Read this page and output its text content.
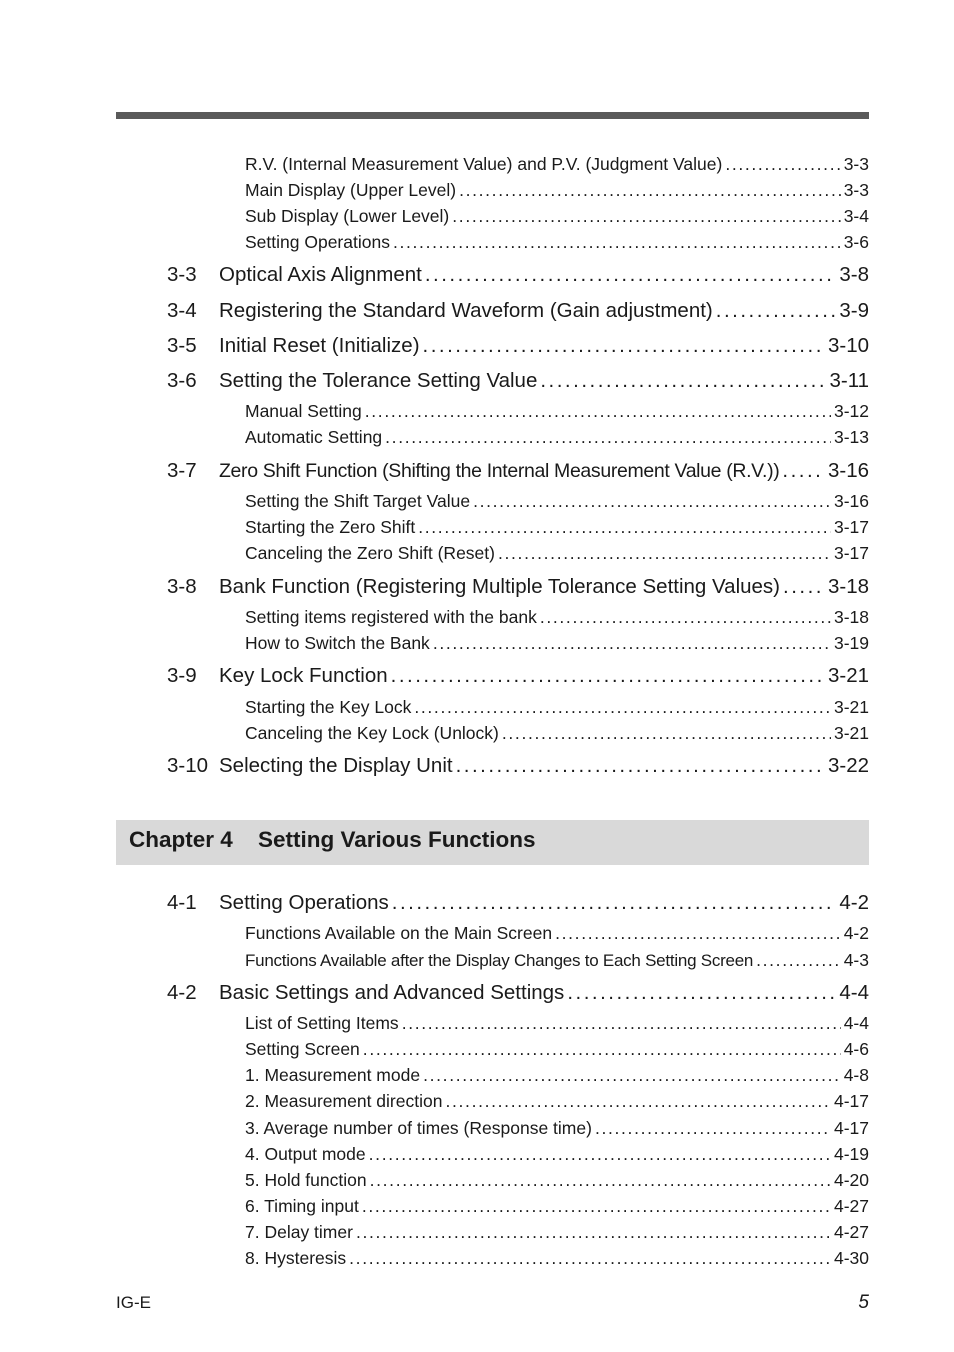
R.V. (Internal Measurement Value) and P.V. (Judgment Value) . . .	3-3
Main Display (Upper Level) . . .	3-3
Sub Display (Lower Level) . . .	3-4
Setting Operations . . .	3-6
3-3	Optical Axis Alignment . . .	3-8
3-4	Registering the Standard Waveform (Gain adjustment) . . .	3-9
3-5	Initial Reset (Initialize) . . .	3-10
3-6	Setting the Tolerance Setting Value . . .	3-11
Manual Setting . . .	3-12
Automatic Setting . . .	3-13
3-7	Zero Shift Function (Shifting the Internal Measurement Value (R.V.)) . . . 3-16
Setting the Shift Target Value . . .	3-16
Starting the Zero Shift . . .	3-17
Canceling the Zero Shift (Reset) . . .	3-17
3-8	Bank Function (Registering Multiple Tolerance Setting Values) . . . 3-18
Setting items registered with the bank . . .	3-18
How to Switch the Bank . . .	3-19
3-9	Key Lock Function . . .	3-21
Starting the Key Lock . . .	3-21
Canceling the Key Lock (Unlock) . . .	3-21
3-10 Selecting the Display Unit . . .	3-22
4-1	Setting Operations . . .	4-2
Functions Available on the Main Screen . . .	4-2
Functions Available after the Display Changes to Each Setting Screen . . .	4-3
4-2	Basic Settings and Advanced Settings . . .	4-4
List of Setting Items . . .	4-4
Setting Screen . . .	4-6
1. Measurement mode . . .	4-8
2. Measurement direction . . .	4-17
3. Average number of times (Response time) . . .	4-17
4. Output mode . . .	4-19
5. Hold function . . .	4-20
6. Timing input . . .	4-27
7. Delay timer . . .	4-27
8. Hysteresis . . .	4-30
Chapter 4 Setting Various Functions
IG-E	5
